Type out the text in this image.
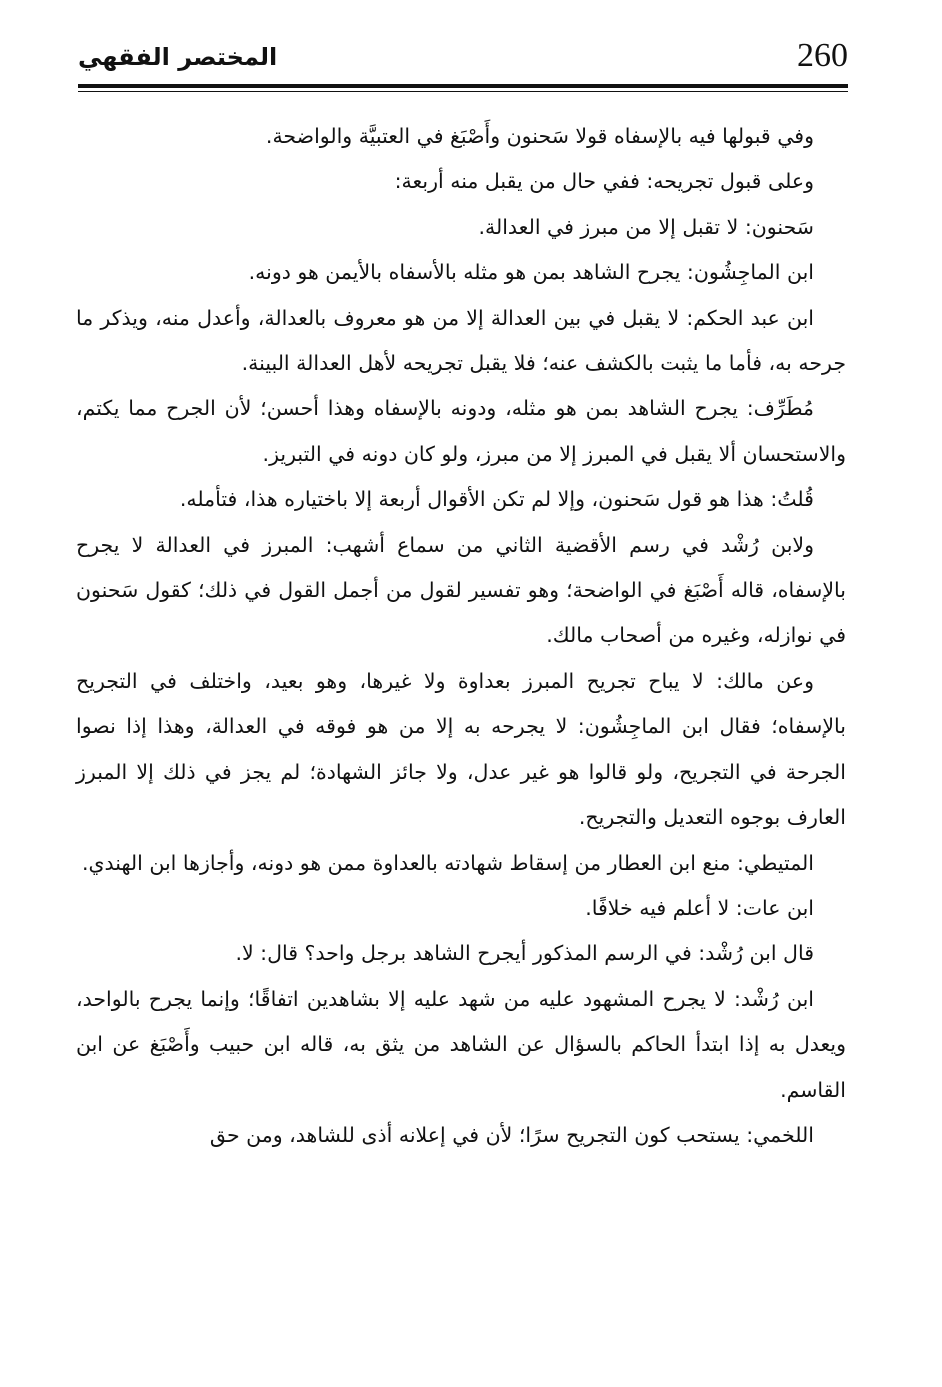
260
المختصر الفقهي

وفي قبولها فيه بالإسفاه قولا سَحنون وأَصْبَغ في العتبيَّة والواضحة.

وعلى قبول تجريحه: ففي حال من يقبل منه أربعة:

سَحنون: لا تقبل إلا من مبرز في العدالة.

ابن الماجِشُون: يجرح الشاهد بمن هو مثله بالأسفاه بالأيمن هو دونه.

ابن عبد الحكم: لا يقبل في بين العدالة إلا من هو معروف بالعدالة، وأعدل منه، ويذكر ما جرحه به، فأما ما يثبت بالكشف عنه؛ فلا يقبل تجريحه لأهل العدالة البينة.

مُطَرِّف: يجرح الشاهد بمن هو مثله، ودونه بالإسفاه وهذا أحسن؛ لأن الجرح مما يكتم، والاستحسان ألا يقبل في المبرز إلا من مبرز، ولو كان دونه في التبريز.

قُلتُ: هذا هو قول سَحنون، وإلا لم تكن الأقوال أربعة إلا باختياره هذا، فتأمله.

ولابن رُشْد في رسم الأقضية الثاني من سماع أشهب: المبرز في العدالة لا يجرح بالإسفاه، قاله أَصْبَغ في الواضحة؛ وهو تفسير لقول من أجمل القول في ذلك؛ كقول سَحنون في نوازله، وغيره من أصحاب مالك.

وعن مالك: لا يباح تجريح المبرز بعداوة ولا غيرها، وهو بعيد، واختلف في التجريح بالإسفاه؛ فقال ابن الماجِشُون: لا يجرحه به إلا من هو فوقه في العدالة، وهذا إذا نصوا الجرحة في التجريح، ولو قالوا هو غير عدل، ولا جائز الشهادة؛ لم يجز في ذلك إلا المبرز العارف بوجوه التعديل والتجريح.

المتيطي: منع ابن العطار من إسقاط شهادته بالعداوة ممن هو دونه، وأجازها ابن الهندي.

ابن عات: لا أعلم فيه خلافًا.

قال ابن رُشْد: في الرسم المذكور أيجرح الشاهد برجل واحد؟ قال: لا.

ابن رُشْد: لا يجرح المشهود عليه من شهد عليه إلا بشاهدين اتفاقًا؛ وإنما يجرح بالواحد، ويعدل به إذا ابتدأ الحاكم بالسؤال عن الشاهد من يثق به، قاله ابن حبيب وأَصْبَغ عن ابن القاسم.

اللخمي: يستحب كون التجريح سرًا؛ لأن في إعلانه أذى للشاهد، ومن حق
